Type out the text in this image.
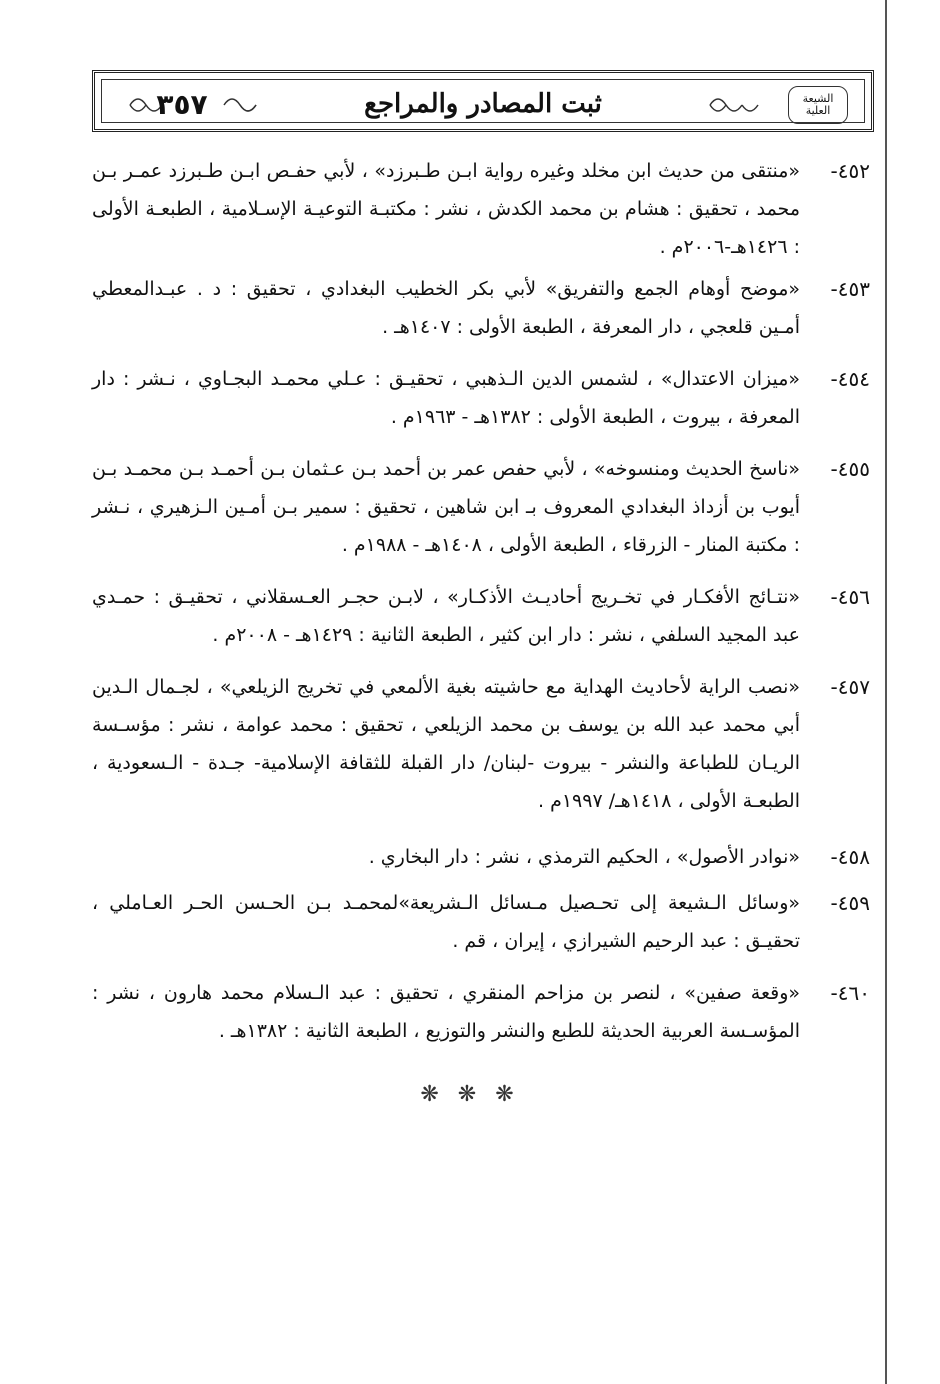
٣٥٧	ثبت المصادر والمراجع	الشيعة العلية
٤٥٢-
«منتقى من حديث ابن مخلد وغيره رواية ابـن طـبرزد» ، لأبي حفـص ابـن طـبرزد عمـر بـن محمد ، تحقيق : هشام بن محمد الكدش ، نشر : مكتبـة التوعيـة الإسـلامية ، الطبعـة الأولى : ١٤٢٦هـ-٢٠٠٦م .
٤٥٣-
«موضح أوهام الجمع والتفريق» لأبي بكر الخطيب البغدادي ، تحقيق : د . عبـدالمعطي أمـين قلعجي ، دار المعرفة ، الطبعة الأولى : ١٤٠٧هـ .
٤٥٤-
«ميزان الاعتدال» ، لشمس الدين الـذهبي ، تحقيـق : عـلي محمـد البجـاوي ، نـشر : دار المعرفة ، بيروت ، الطبعة الأولى : ١٣٨٢هـ - ١٩٦٣م .
٤٥٥-
«ناسخ الحديث ومنسوخه» ، لأبي حفص عمر بن أحمد بـن عـثمان بـن أحمـد بـن محمـد بـن أيوب بن أزداذ البغدادي المعروف بـ ابن شاهين ، تحقيق : سمير بـن أمـين الـزهيري ، نـشر : مكتبة المنار - الزرقاء ، الطبعة الأولى ، ١٤٠٨هـ - ١٩٨٨م .
٤٥٦-
«نتـائج الأفكـار في تخـريج أحاديـث الأذكـار» ، لابـن حجـر العـسقلاني ، تحقيـق : حمـدي عبد المجيد السلفي ، نشر : دار ابن كثير ، الطبعة الثانية : ١٤٢٩هـ - ٢٠٠٨م .
٤٥٧-
«نصب الراية لأحاديث الهداية مع حاشيته بغية الألمعي في تخريج الزيلعي» ، لجـمال الـدين أبي محمد عبد الله بن يوسف بن محمد الزيلعي ، تحقيق : محمد عوامة ، نشر : مؤسـسة الريـان للطباعة والنشر - بيروت -لبنان/ دار القبلة للثقافة الإسلامية- جـدة - الـسعودية ، الطبعـة الأولى ، ١٤١٨هـ/ ١٩٩٧م .
٤٥٨-
«نوادر الأصول» ، الحكيم الترمذي ، نشر : دار البخاري .
٤٥٩-
«وسائل الـشيعة إلى تحـصيل مـسائل الـشريعة»لمحمـد بـن الحـسن الحـر العـاملي ، تحقيـق : عبد الرحيم الشيرازي ، إيران ، قم .
٤٦٠-
«وقعة صفين» ، لنصر بن مزاحم المنقري ، تحقيق : عبد الـسلام محمد هارون ، نشر : المؤسـسة العربية الحديثة للطبع والنشر والتوزيع ، الطبعة الثانية : ١٣٨٢هـ .
❋ ❋ ❋
